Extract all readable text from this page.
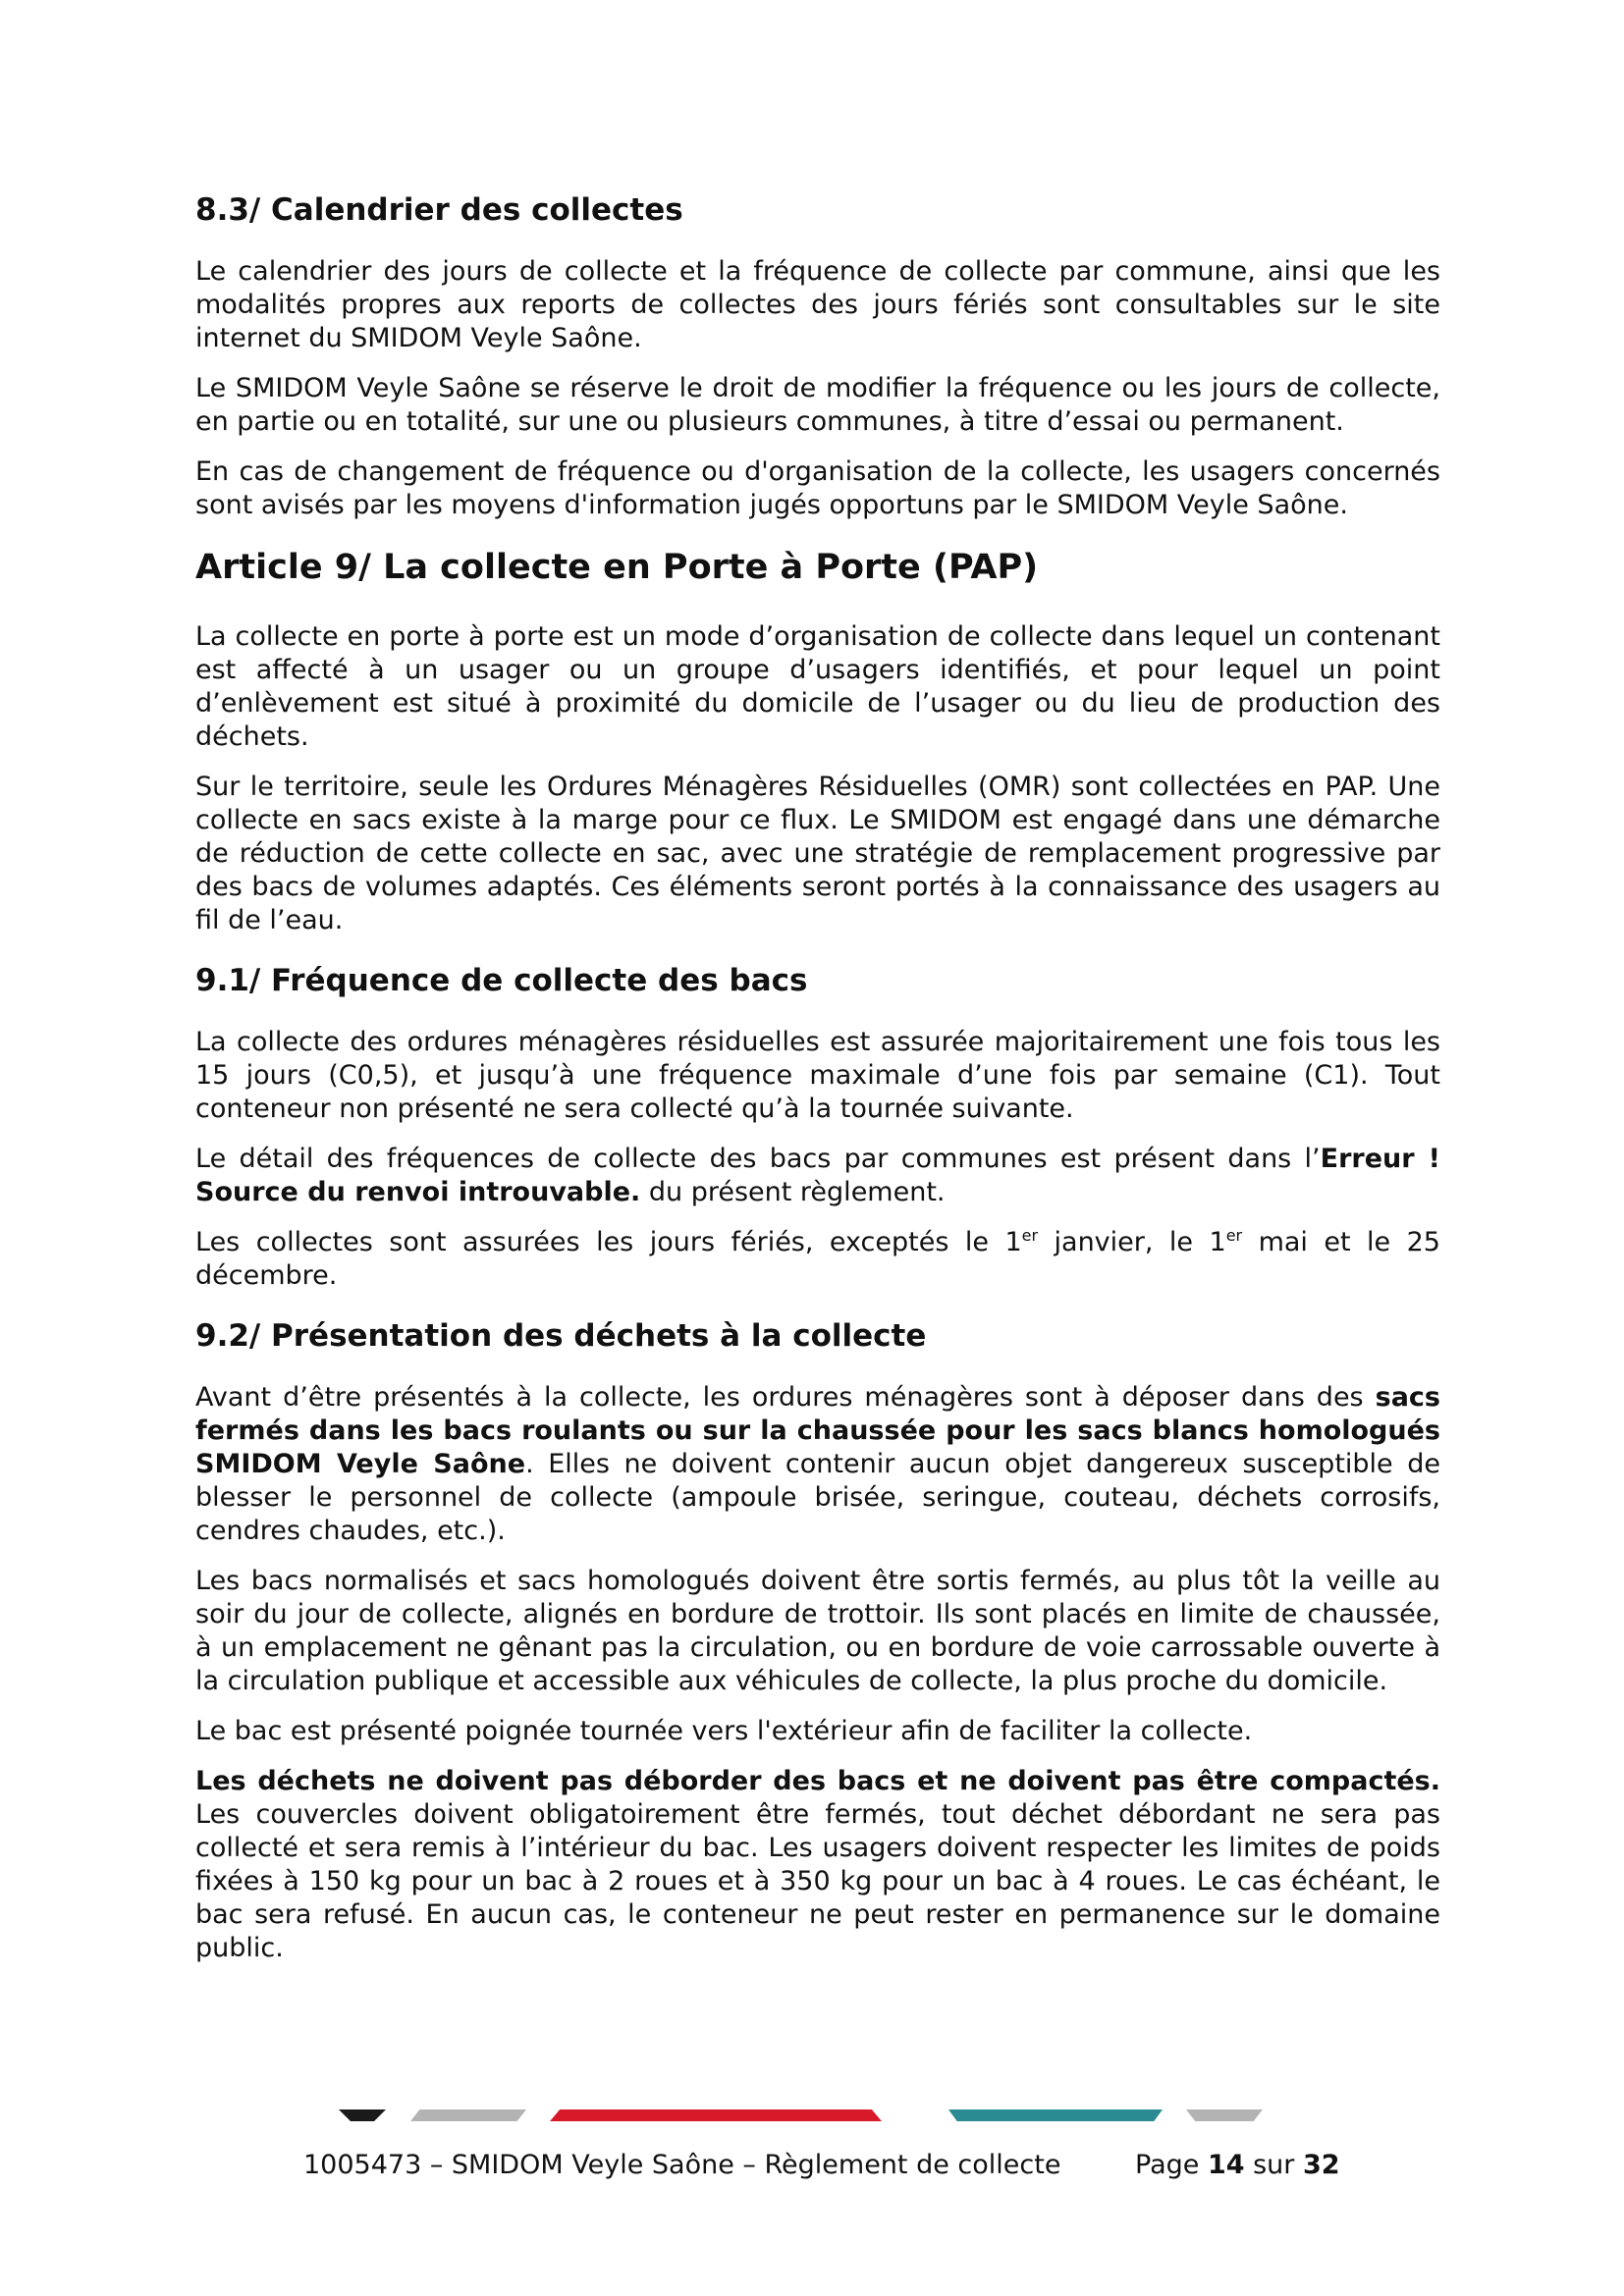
8.3/ Calendrier des collectes

Le calendrier des jours de collecte et la fréquence de collecte par commune, ainsi que les modalités propres aux reports de collectes des jours fériés sont consultables sur le site internet du SMIDOM Veyle Saône.

Le SMIDOM Veyle Saône se réserve le droit de modifier la fréquence ou les jours de collecte, en partie ou en totalité, sur une ou plusieurs communes, à titre d’essai ou permanent.

En cas de changement de fréquence ou d'organisation de la collecte, les usagers concernés sont avisés par les moyens d'information jugés opportuns par le SMIDOM Veyle Saône.

Article 9/ La collecte en Porte à Porte (PAP)

La collecte en porte à porte est un mode d’organisation de collecte dans lequel un contenant est affecté à un usager ou un groupe d’usagers identifiés, et pour lequel un point d’enlèvement est situé à proximité du domicile de l’usager ou du lieu de production des déchets.

Sur le territoire, seule les Ordures Ménagères Résiduelles (OMR) sont collectées en PAP. Une collecte en sacs existe à la marge pour ce flux. Le SMIDOM est engagé dans une démarche de réduction de cette collecte en sac, avec une stratégie de remplacement progressive par des bacs de volumes adaptés. Ces éléments seront portés à la connaissance des usagers au fil de l’eau.

9.1/ Fréquence de collecte des bacs

La collecte des ordures ménagères résiduelles est assurée majoritairement une fois tous les 15 jours (C0,5), et jusqu’à une fréquence maximale d’une fois par semaine (C1). Tout conteneur non présenté ne sera collecté qu’à la tournée suivante.

Le détail des fréquences de collecte des bacs par communes est présent dans l’Erreur ! Source du renvoi introuvable. du présent règlement.

Les collectes sont assurées les jours fériés, exceptés le 1er janvier, le 1er mai et le 25 décembre.

9.2/ Présentation des déchets à la collecte

Avant d’être présentés à la collecte, les ordures ménagères sont à déposer dans des sacs fermés dans les bacs roulants ou sur la chaussée pour les sacs blancs homologués SMIDOM Veyle Saône. Elles ne doivent contenir aucun objet dangereux susceptible de blesser le personnel de collecte (ampoule brisée, seringue, couteau, déchets corrosifs, cendres chaudes, etc.).

Les bacs normalisés et sacs homologués doivent être sortis fermés, au plus tôt la veille au soir du jour de collecte, alignés en bordure de trottoir. Ils sont placés en limite de chaussée, à un emplacement ne gênant pas la circulation, ou en bordure de voie carrossable ouverte à la circulation publique et accessible aux véhicules de collecte, la plus proche du domicile.

Le bac est présenté poignée tournée vers l'extérieur afin de faciliter la collecte.

Les déchets ne doivent pas déborder des bacs et ne doivent pas être compactés. Les couvercles doivent obligatoirement être fermés, tout déchet débordant ne sera pas collecté et sera remis à l’intérieur du bac. Les usagers doivent respecter les limites de poids fixées à 150 kg pour un bac à 2 roues et à 350 kg pour un bac à 4 roues. Le cas échéant, le bac sera refusé. En aucun cas, le conteneur ne peut rester en permanence sur le domaine public.

1005473 – SMIDOM Veyle Saône – Règlement de collecte	Page 14 sur 32
